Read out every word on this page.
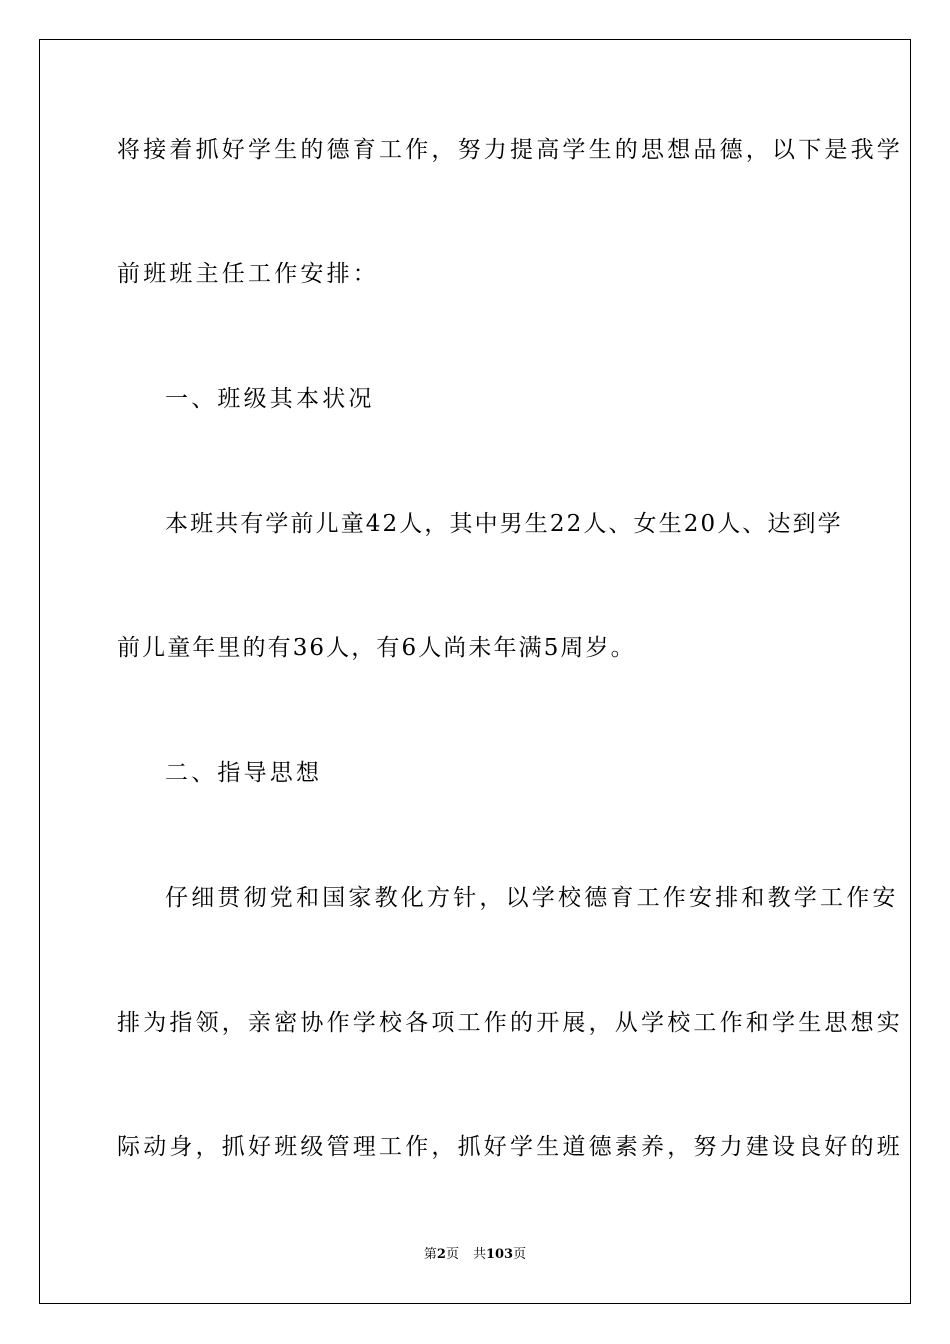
将接着抓好学生的德育工作，努力提高学生的思想品德，以下是我学
前班班主任工作安排：
一、班级其本状况
本班共有学前儿童42人，其中男生22人、女生20人、达到学
前儿童年里的有36人，有6人尚未年满5周岁。
二、指导思想
仔细贯彻党和国家教化方针，以学校德育工作安排和教学工作安
排为指领，亲密协作学校各项工作的开展，从学校工作和学生思想实
际动身，抓好班级管理工作，抓好学生道德素养，努力建设良好的班
第2页 共103页
